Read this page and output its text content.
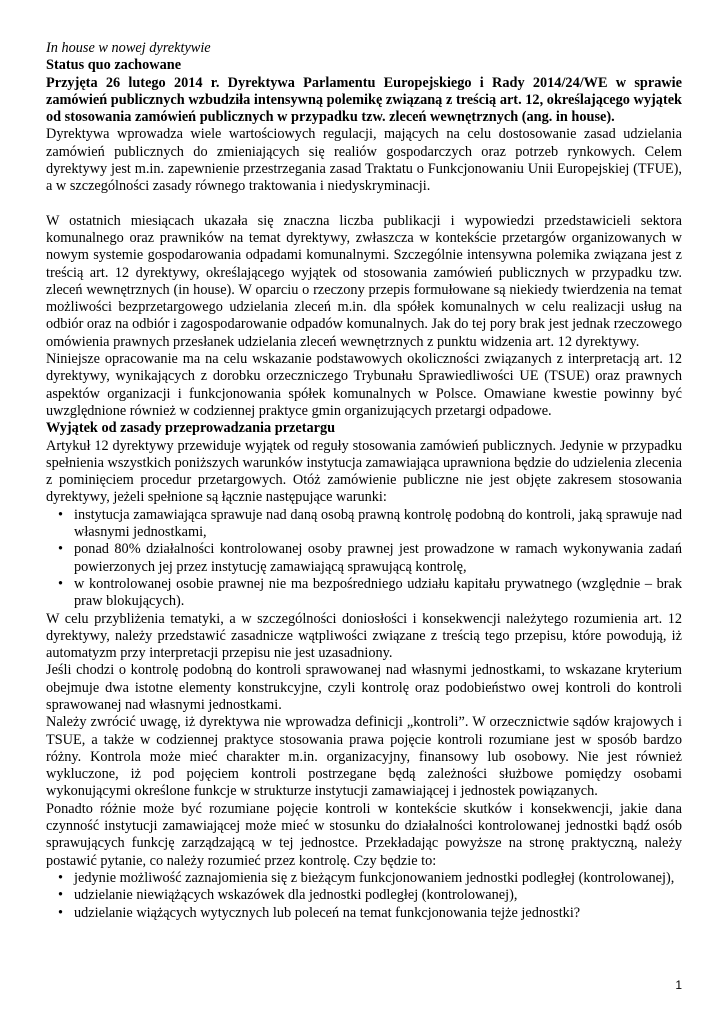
In house w nowej dyrektywie

Status quo zachowane

Przyjęta 26 lutego 2014 r. Dyrektywa Parlamentu Europejskiego i Rady 2014/24/WE w sprawie zamówień publicznych wzbudziła intensywną polemikę związaną z treścią art. 12, określającego wyjątek od stosowania zamówień publicznych w przypadku tzw. zleceń wewnętrznych (ang. in house).

Dyrektywa wprowadza wiele wartościowych regulacji, mających na celu dostosowanie zasad udzielania zamówień publicznych do zmieniających się realiów gospodarczych oraz potrzeb rynkowych. Celem dyrektywy jest m.in. zapewnienie przestrzegania zasad Traktatu o Funkcjonowaniu Unii Europejskiej (TFUE), a w szczególności zasady równego traktowania i niedyskryminacji.

W ostatnich miesiącach ukazała się znaczna liczba publikacji i wypowiedzi przedstawicieli sektora komunalnego oraz prawników na temat dyrektywy, zwłaszcza w kontekście przetargów organizowanych w nowym systemie gospodarowania odpadami komunalnymi. Szczególnie intensywna polemika związana jest z treścią art. 12 dyrektywy, określającego wyjątek od stosowania zamówień publicznych w przypadku tzw. zleceń wewnętrznych (in house). W oparciu o rzeczony przepis formułowane są niekiedy twierdzenia na temat możliwości bezprzetargowego udzielania zleceń m.in. dla spółek komunalnych w celu realizacji usług na odbiór oraz na odbiór i zagospodarowanie odpadów komunalnych. Jak do tej pory brak jest jednak rzeczowego omówienia prawnych przesłanek udzielania zleceń wewnętrznych z punktu widzenia art. 12 dyrektywy.

Niniejsze opracowanie ma na celu wskazanie podstawowych okoliczności związanych z interpretacją art. 12 dyrektywy, wynikających z dorobku orzeczniczego Trybunału Sprawiedliwości UE (TSUE) oraz prawnych aspektów organizacji i funkcjonowania spółek komunalnych w Polsce. Omawiane kwestie powinny być uwzględnione również w codziennej praktyce gmin organizujących przetargi odpadowe.

Wyjątek od zasady przeprowadzania przetargu

Artykuł 12 dyrektywy przewiduje wyjątek od reguły stosowania zamówień publicznych. Jedynie w przypadku spełnienia wszystkich poniższych warunków instytucja zamawiająca uprawniona będzie do udzielenia zlecenia z pominięciem procedur przetargowych. Otóż zamówienie publiczne nie jest objęte zakresem stosowania dyrektywy, jeżeli spełnione są łącznie następujące warunki:

• instytucja zamawiająca sprawuje nad daną osobą prawną kontrolę podobną do kontroli, jaką sprawuje nad własnymi jednostkami,
• ponad 80% działalności kontrolowanej osoby prawnej jest prowadzone w ramach wykonywania zadań powierzonych jej przez instytucję zamawiającą sprawującą kontrolę,
• w kontrolowanej osobie prawnej nie ma bezpośredniego udziału kapitału prywatnego (względnie – brak praw blokujących).

W celu przybliżenia tematyki, a w szczególności doniosłości i konsekwencji należytego rozumienia art. 12 dyrektywy, należy przedstawić zasadnicze wątpliwości związane z treścią tego przepisu, które powodują, iż automatyzm przy interpretacji przepisu nie jest uzasadniony.

Jeśli chodzi o kontrolę podobną do kontroli sprawowanej nad własnymi jednostkami, to wskazane kryterium obejmuje dwa istotne elementy konstrukcyjne, czyli kontrolę oraz podobieństwo owej kontroli do kontroli sprawowanej nad własnymi jednostkami.

Należy zwrócić uwagę, iż dyrektywa nie wprowadza definicji „kontroli”. W orzecznictwie sądów krajowych i TSUE, a także w codziennej praktyce stosowania prawa pojęcie kontroli rozumiane jest w sposób bardzo różny. Kontrola może mieć charakter m.in. organizacyjny, finansowy lub osobowy. Nie jest również wykluczone, iż pod pojęciem kontroli postrzegane będą zależności służbowe pomiędzy osobami wykonującymi określone funkcje w strukturze instytucji zamawiającej i jednostek powiązanych.

Ponadto różnie może być rozumiane pojęcie kontroli w kontekście skutków i konsekwencji, jakie dana czynność instytucji zamawiającej może mieć w stosunku do działalności kontrolowanej jednostki bądź osób sprawujących funkcję zarządzającą w tej jednostce. Przekładając powyższe na stronę praktyczną, należy postawić pytanie, co należy rozumieć przez kontrolę. Czy będzie to:

• jedynie możliwość zaznajomienia się z bieżącym funkcjonowaniem jednostki podległej (kontrolowanej),
• udzielanie niewiążących wskazówek dla jednostki podległej (kontrolowanej),
• udzielanie wiążących wytycznych lub poleceń na temat funkcjonowania tejże jednostki?
1
